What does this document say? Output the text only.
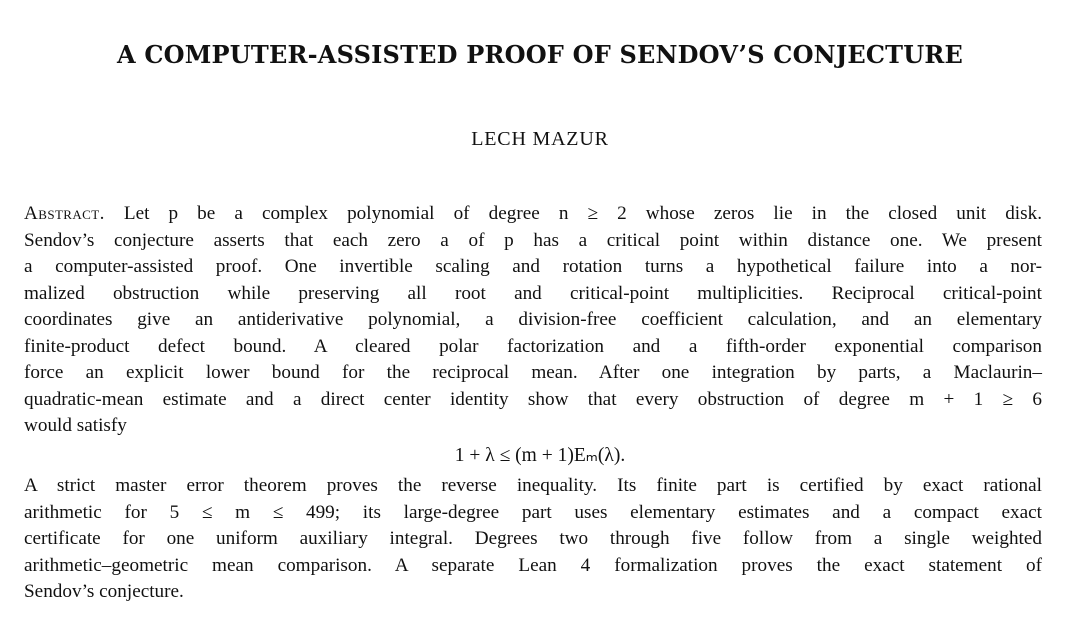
A COMPUTER-ASSISTED PROOF OF SENDOV’S CONJECTURE
LECH MAZUR
Abstract. Let p be a complex polynomial of degree n ≥ 2 whose zeros lie in the closed unit disk.
Sendov’s conjecture asserts that each zero a of p has a critical point within distance one. We present
a computer-assisted proof. One invertible scaling and rotation turns a hypothetical failure into a nor-
malized obstruction while preserving all root and critical-point multiplicities. Reciprocal critical-point
coordinates give an antiderivative polynomial, a division-free coefficient calculation, and an elementary
finite-product defect bound. A cleared polar factorization and a fifth-order exponential comparison
force an explicit lower bound for the reciprocal mean. After one integration by parts, a Maclaurin–
quadratic-mean estimate and a direct center identity show that every obstruction of degree m + 1 ≥ 6
would satisfy
1 + λ ≤ (m + 1)Eₘ(λ).
A strict master error theorem proves the reverse inequality. Its finite part is certified by exact rational
arithmetic for 5 ≤ m ≤ 499; its large-degree part uses elementary estimates and a compact exact
certificate for one uniform auxiliary integral. Degrees two through five follow from a single weighted
arithmetic–geometric mean comparison. A separate Lean 4 formalization proves the exact statement of
Sendov’s conjecture.
